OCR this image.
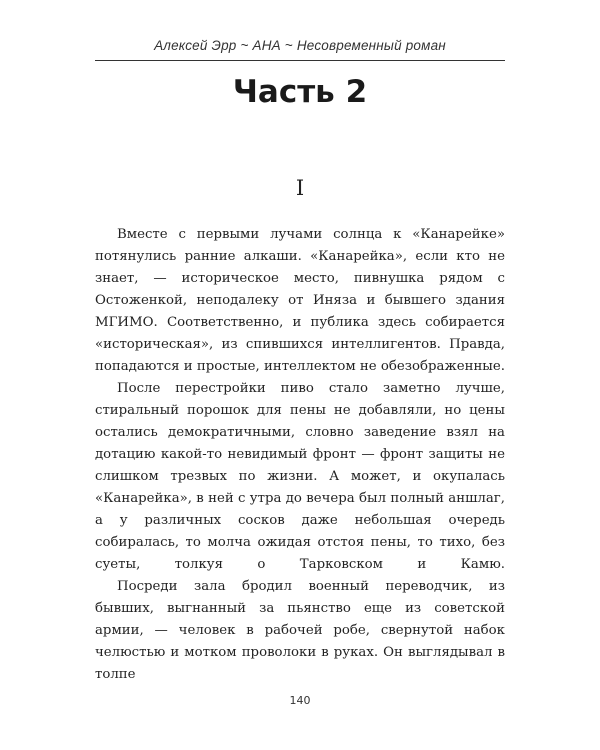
Алексей Эрр ~ АНА ~ Несовременный роман
Часть 2
I

Вместе с первыми лучами солнца к «Канарейке» потянулись ранние алкаши. «Канарейка», если кто не знает, — историческое место, пивнушка рядом с Остоженкой, неподалеку от Иняза и бывшего здания МГИМО. Соответственно, и публика здесь собирается «историческая», из спившихся интеллигентов. Правда, попадаются и простые, интеллектом не обезображенные.

После перестройки пиво стало заметно лучше, стиральный порошок для пены не добавляли, но цены остались демократичными, словно заведение взял на дотацию какой-то невидимый фронт — фронт защиты не слишком трезвых по жизни. А может, и окупалась «Канарейка», в ней с утра до вечера был полный аншлаг, а у различных сосков даже небольшая очередь собиралась, то молча ожидая отстоя пены, то тихо, без суеты, толкуя о Тарковском и Камю.

Посреди зала бродил военный переводчик, из бывших, выгнанный за пьянство еще из советской армии, — человек в рабочей робе, свернутой набок челюстью и мотком проволоки в руках. Он выглядывал в толпе

140
